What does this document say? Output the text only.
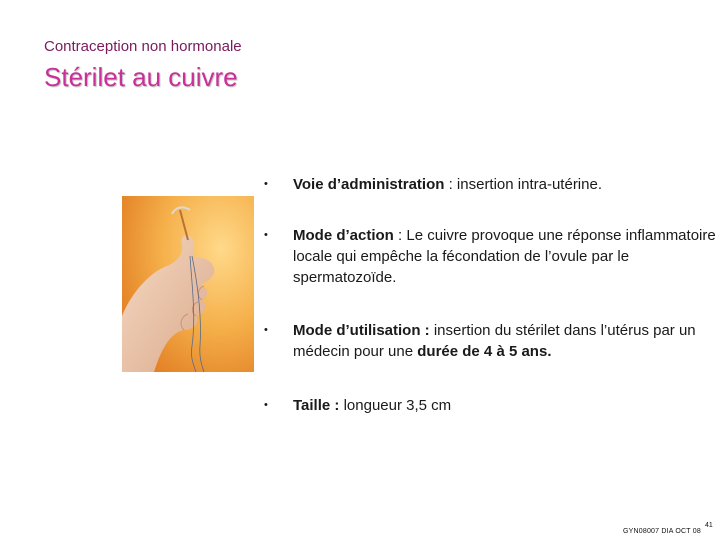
Contraception non hormonale
Stérilet au cuivre
• Voie d’administration : insertion intra-utérine.
• Mode d’action : Le cuivre provoque une réponse inflammatoire locale qui empêche la fécondation de l’ovule par le spermatozoïde.
• Mode d’utilisation : insertion du stérilet dans l’utérus par un médecin pour une durée de 4 à 5 ans.
• Taille : longueur 3,5 cm
GYN08007 DIA OCT 08
41
